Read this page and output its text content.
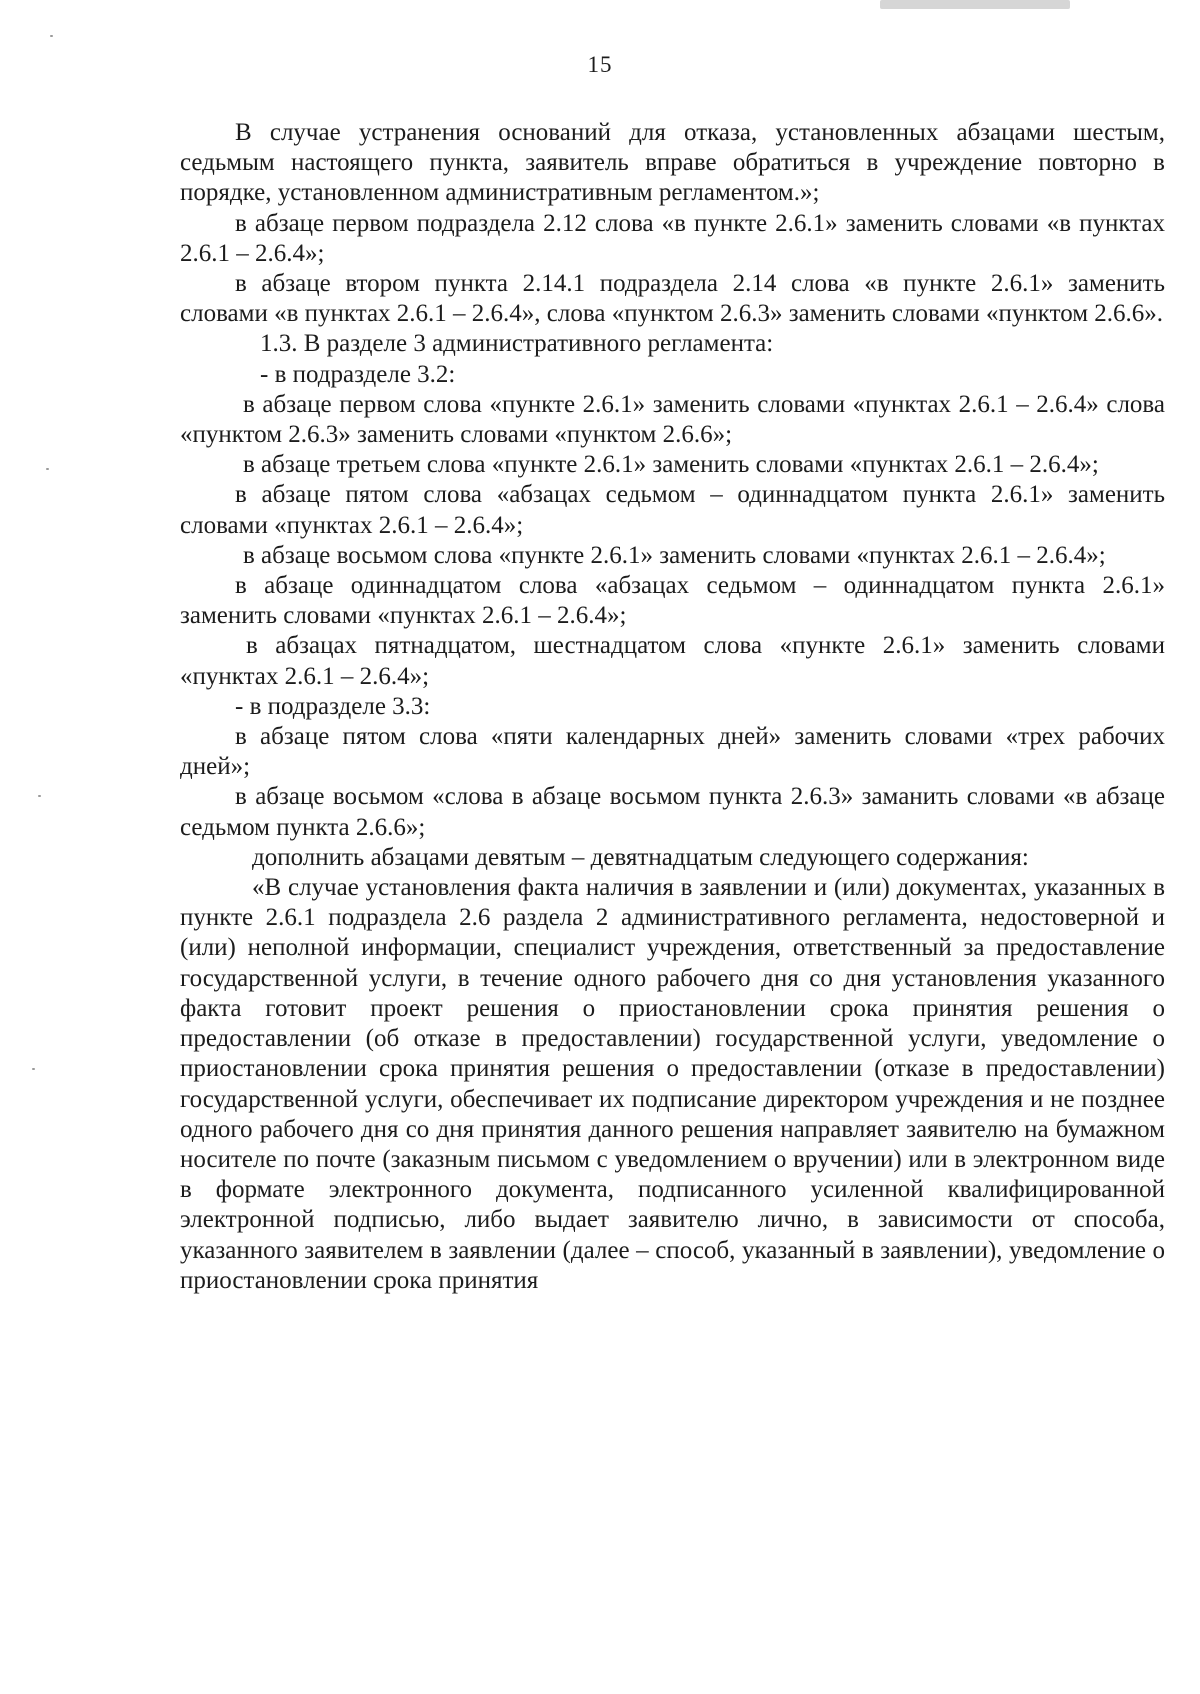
15

В случае устранения оснований для отказа, установленных абзацами шестым, седьмым настоящего пункта, заявитель вправе обратиться в учреждение повторно в порядке, установленном административным регламентом.»;

в абзаце первом подраздела 2.12 слова «в пункте 2.6.1» заменить словами «в пунктах 2.6.1 – 2.6.4»;

в абзаце втором пункта 2.14.1 подраздела 2.14 слова «в пункте 2.6.1» заменить словами «в пунктах 2.6.1 – 2.6.4», слова «пунктом 2.6.3» заменить словами «пунктом 2.6.6».

1.3. В разделе 3 административного регламента:

- в подразделе 3.2:

в абзаце первом слова «пункте 2.6.1» заменить словами «пунктах 2.6.1 – 2.6.4» слова «пунктом 2.6.3» заменить словами «пунктом 2.6.6»;

в абзаце третьем слова «пункте 2.6.1» заменить словами «пунктах 2.6.1 – 2.6.4»;

в абзаце пятом слова «абзацах седьмом – одиннадцатом пункта 2.6.1» заменить словами «пунктах 2.6.1 – 2.6.4»;

в абзаце восьмом слова «пункте 2.6.1» заменить словами «пунктах 2.6.1 – 2.6.4»;

в абзаце одиннадцатом слова «абзацах седьмом – одиннадцатом пункта 2.6.1» заменить словами «пунктах 2.6.1 – 2.6.4»;

в абзацах пятнадцатом, шестнадцатом слова «пункте 2.6.1» заменить словами «пунктах 2.6.1 – 2.6.4»;

- в подразделе 3.3:

в абзаце пятом слова «пяти календарных дней» заменить словами «трех рабочих дней»;

в абзаце восьмом «слова в абзаце восьмом пункта 2.6.3» заманить словами «в абзаце седьмом пункта 2.6.6»;

дополнить абзацами девятым – девятнадцатым следующего содержания:

«В случае установления факта наличия в заявлении и (или) документах, указанных в пункте 2.6.1 подраздела 2.6 раздела 2 административного регламента, недостоверной и (или) неполной информации, специалист учреждения, ответственный за предоставление государственной услуги, в течение одного рабочего дня со дня установления указанного факта готовит проект решения о приостановлении срока принятия решения о предоставлении (об отказе в предоставлении) государственной услуги, уведомление о приостановлении срока принятия решения о предоставлении (отказе в предоставлении) государственной услуги, обеспечивает их подписание директором учреждения и не позднее одного рабочего дня со дня принятия данного решения направляет заявителю на бумажном носителе по почте (заказным письмом с уведомлением о вручении) или в электронном виде в формате электронного документа, подписанного усиленной квалифицированной электронной подписью, либо выдает заявителю лично, в зависимости от способа, указанного заявителем в заявлении (далее – способ, указанный в заявлении), уведомление о приостановлении срока принятия
